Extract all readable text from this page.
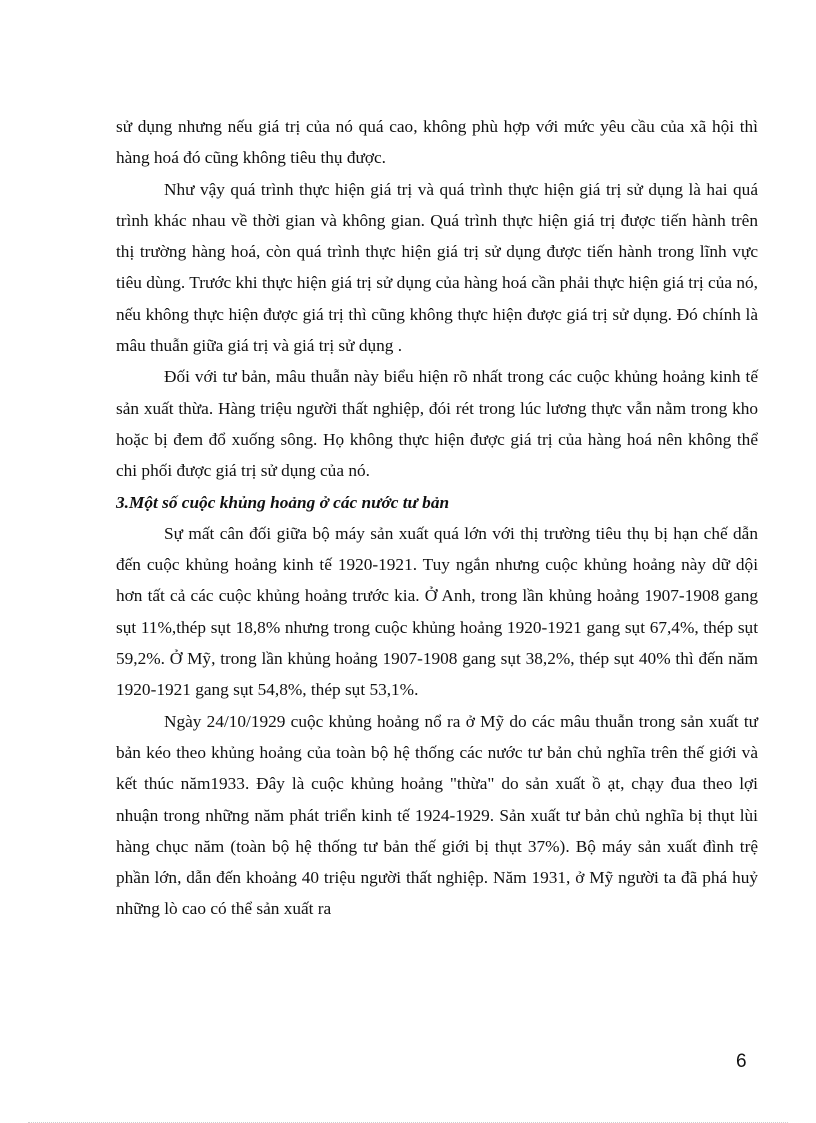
sử dụng nhưng nếu giá trị của nó quá cao, không phù hợp với mức yêu cầu của xã hội thì hàng hoá đó cũng không tiêu thụ được.

Như vậy quá trình thực hiện giá trị và quá trình thực hiện giá trị sử dụng là hai quá trình khác nhau về thời gian và không gian. Quá trình thực hiện giá trị được tiến hành trên thị trường hàng hoá, còn quá trình thực hiện giá trị sử dụng được tiến hành trong lĩnh vực tiêu dùng. Trước khi thực hiện giá trị sử dụng của hàng hoá cần phải thực hiện giá trị của nó, nếu không thực hiện được giá trị thì cũng không thực hiện được giá trị sử dụng. Đó chính là mâu thuẫn giữa giá trị và giá trị sử dụng .

Đối với tư bản, mâu thuẫn này biểu hiện rõ nhất trong các cuộc khủng hoảng kinh tế sản xuất thừa. Hàng triệu người thất nghiệp, đói rét trong lúc lương thực vẫn nằm trong kho hoặc bị đem đổ xuống sông. Họ không thực hiện được giá trị của hàng hoá nên không thể chi phối được giá trị sử dụng của nó.

3.Một số cuộc khủng hoảng ở các nước tư bản

Sự mất cân đối giữa bộ máy sản xuất quá lớn với thị trường tiêu thụ bị hạn chế dẫn đến cuộc khủng hoảng kinh tế 1920-1921. Tuy ngắn nhưng cuộc khủng hoảng này dữ dội hơn tất cả các cuộc khủng hoảng trước kia. Ở Anh, trong lần khủng hoảng 1907-1908 gang sụt 11%,thép sụt 18,8% nhưng trong cuộc khủng hoảng 1920-1921 gang sụt 67,4%, thép sụt 59,2%. Ở Mỹ, trong lần khủng hoảng 1907-1908 gang sụt 38,2%, thép sụt 40% thì đến năm 1920-1921 gang sụt 54,8%, thép sụt 53,1%.

Ngày 24/10/1929 cuộc khủng hoảng nổ ra ở Mỹ do các mâu thuẫn trong sản xuất tư bản kéo theo khủng hoảng của toàn bộ hệ thống các nước tư bản chủ nghĩa trên thế giới và kết thúc năm1933. Đây là cuộc khủng hoảng "thừa" do sản xuất ồ ạt, chạy đua theo lợi nhuận trong những năm phát triển kinh tế 1924-1929. Sản xuất tư bản chủ nghĩa bị thụt lùi hàng chục năm (toàn bộ hệ thống tư bản thế giới bị thụt 37%). Bộ máy sản xuất đình trệ phần lớn, dẫn đến khoảng 40 triệu người thất nghiệp. Năm 1931, ở Mỹ người ta đã phá huỷ những lò cao có thể sản xuất ra

6
